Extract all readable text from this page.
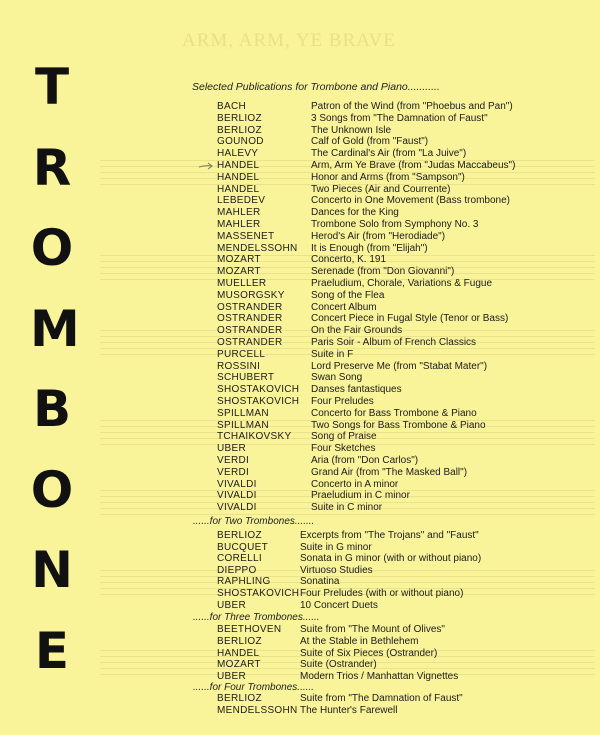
ARM, ARM, YE BRAVE
T
R
O
M
B
O
N
E
Selected Publications for Trombone and Piano...........
BACH	Patron of the Wind (from "Phoebus and Pan")
BERLIOZ	3 Songs from "The Damnation of Faust"
BERLIOZ	The Unknown Isle
GOUNOD	Calf of Gold (from "Faust")
HALEVY	The Cardinal's Air (from "La Juive")
HANDEL	Arm, Arm Ye Brave (from "Judas Maccabeus")
HANDEL	Honor and Arms (from "Sampson")
HANDEL	Two Pieces (Air and Courrente)
LEBEDEV	Concerto in One Movement (Bass trombone)
MAHLER	Dances for the King
MAHLER	Trombone Solo from Symphony No. 3
MASSENET	Herod's Air (from "Herodiade")
MENDELSSOHN It is Enough (from "Elijah")
MOZART	Concerto, K. 191
MOZART	Serenade (from "Don Giovanni")
MUELLER	Praeludium, Chorale, Variations & Fugue
MUSORGSKY	Song of the Flea
OSTRANDER	Concert Album
OSTRANDER	Concert Piece in Fugal Style (Tenor or Bass)
OSTRANDER	On the Fair Grounds
OSTRANDER	Paris Soir - Album of French Classics
PURCELL	Suite in F
ROSSINI	Lord Preserve Me (from "Stabat Mater")
SCHUBERT	Swan Song
SHOSTAKOVICH Danses fantastiques
SHOSTAKOVICH Four Preludes
SPILLMAN	Concerto for Bass Trombone & Piano
SPILLMAN	Two Songs for Bass Trombone & Piano
TCHAIKOVSKY Song of Praise
UBER	Four Sketches
VERDI	Aria (from "Don Carlos")
VERDI	Grand Air (from "The Masked Ball")
VIVALDI	Concerto in A minor
VIVALDI	Praeludium in C minor
VIVALDI	Suite in C minor
......for Two Trombones.......
BERLIOZ	Excerpts from "The Trojans" and "Faust"
BUCQUET	Suite in G minor
CORELLI	Sonata in G minor (with or without piano)
DIEPPO	Virtuoso Studies
RAPHLING	Sonatina
SHOSTAKOVICH Four Preludes (with or without piano)
UBER	10 Concert Duets
......for Three Trombones......
BEETHOVEN Suite from "The Mount of Olives"
BERLIOZ	At the Stable in Bethlehem
HANDEL	Suite of Six Pieces (Ostrander)
MOZART	Suite (Ostrander)
UBER	Modern Trios / Manhattan Vignettes
......for Four Trombones......
BERLIOZ	Suite from "The Damnation of Faust"
MENDELSSOHN The Hunter's Farewell
